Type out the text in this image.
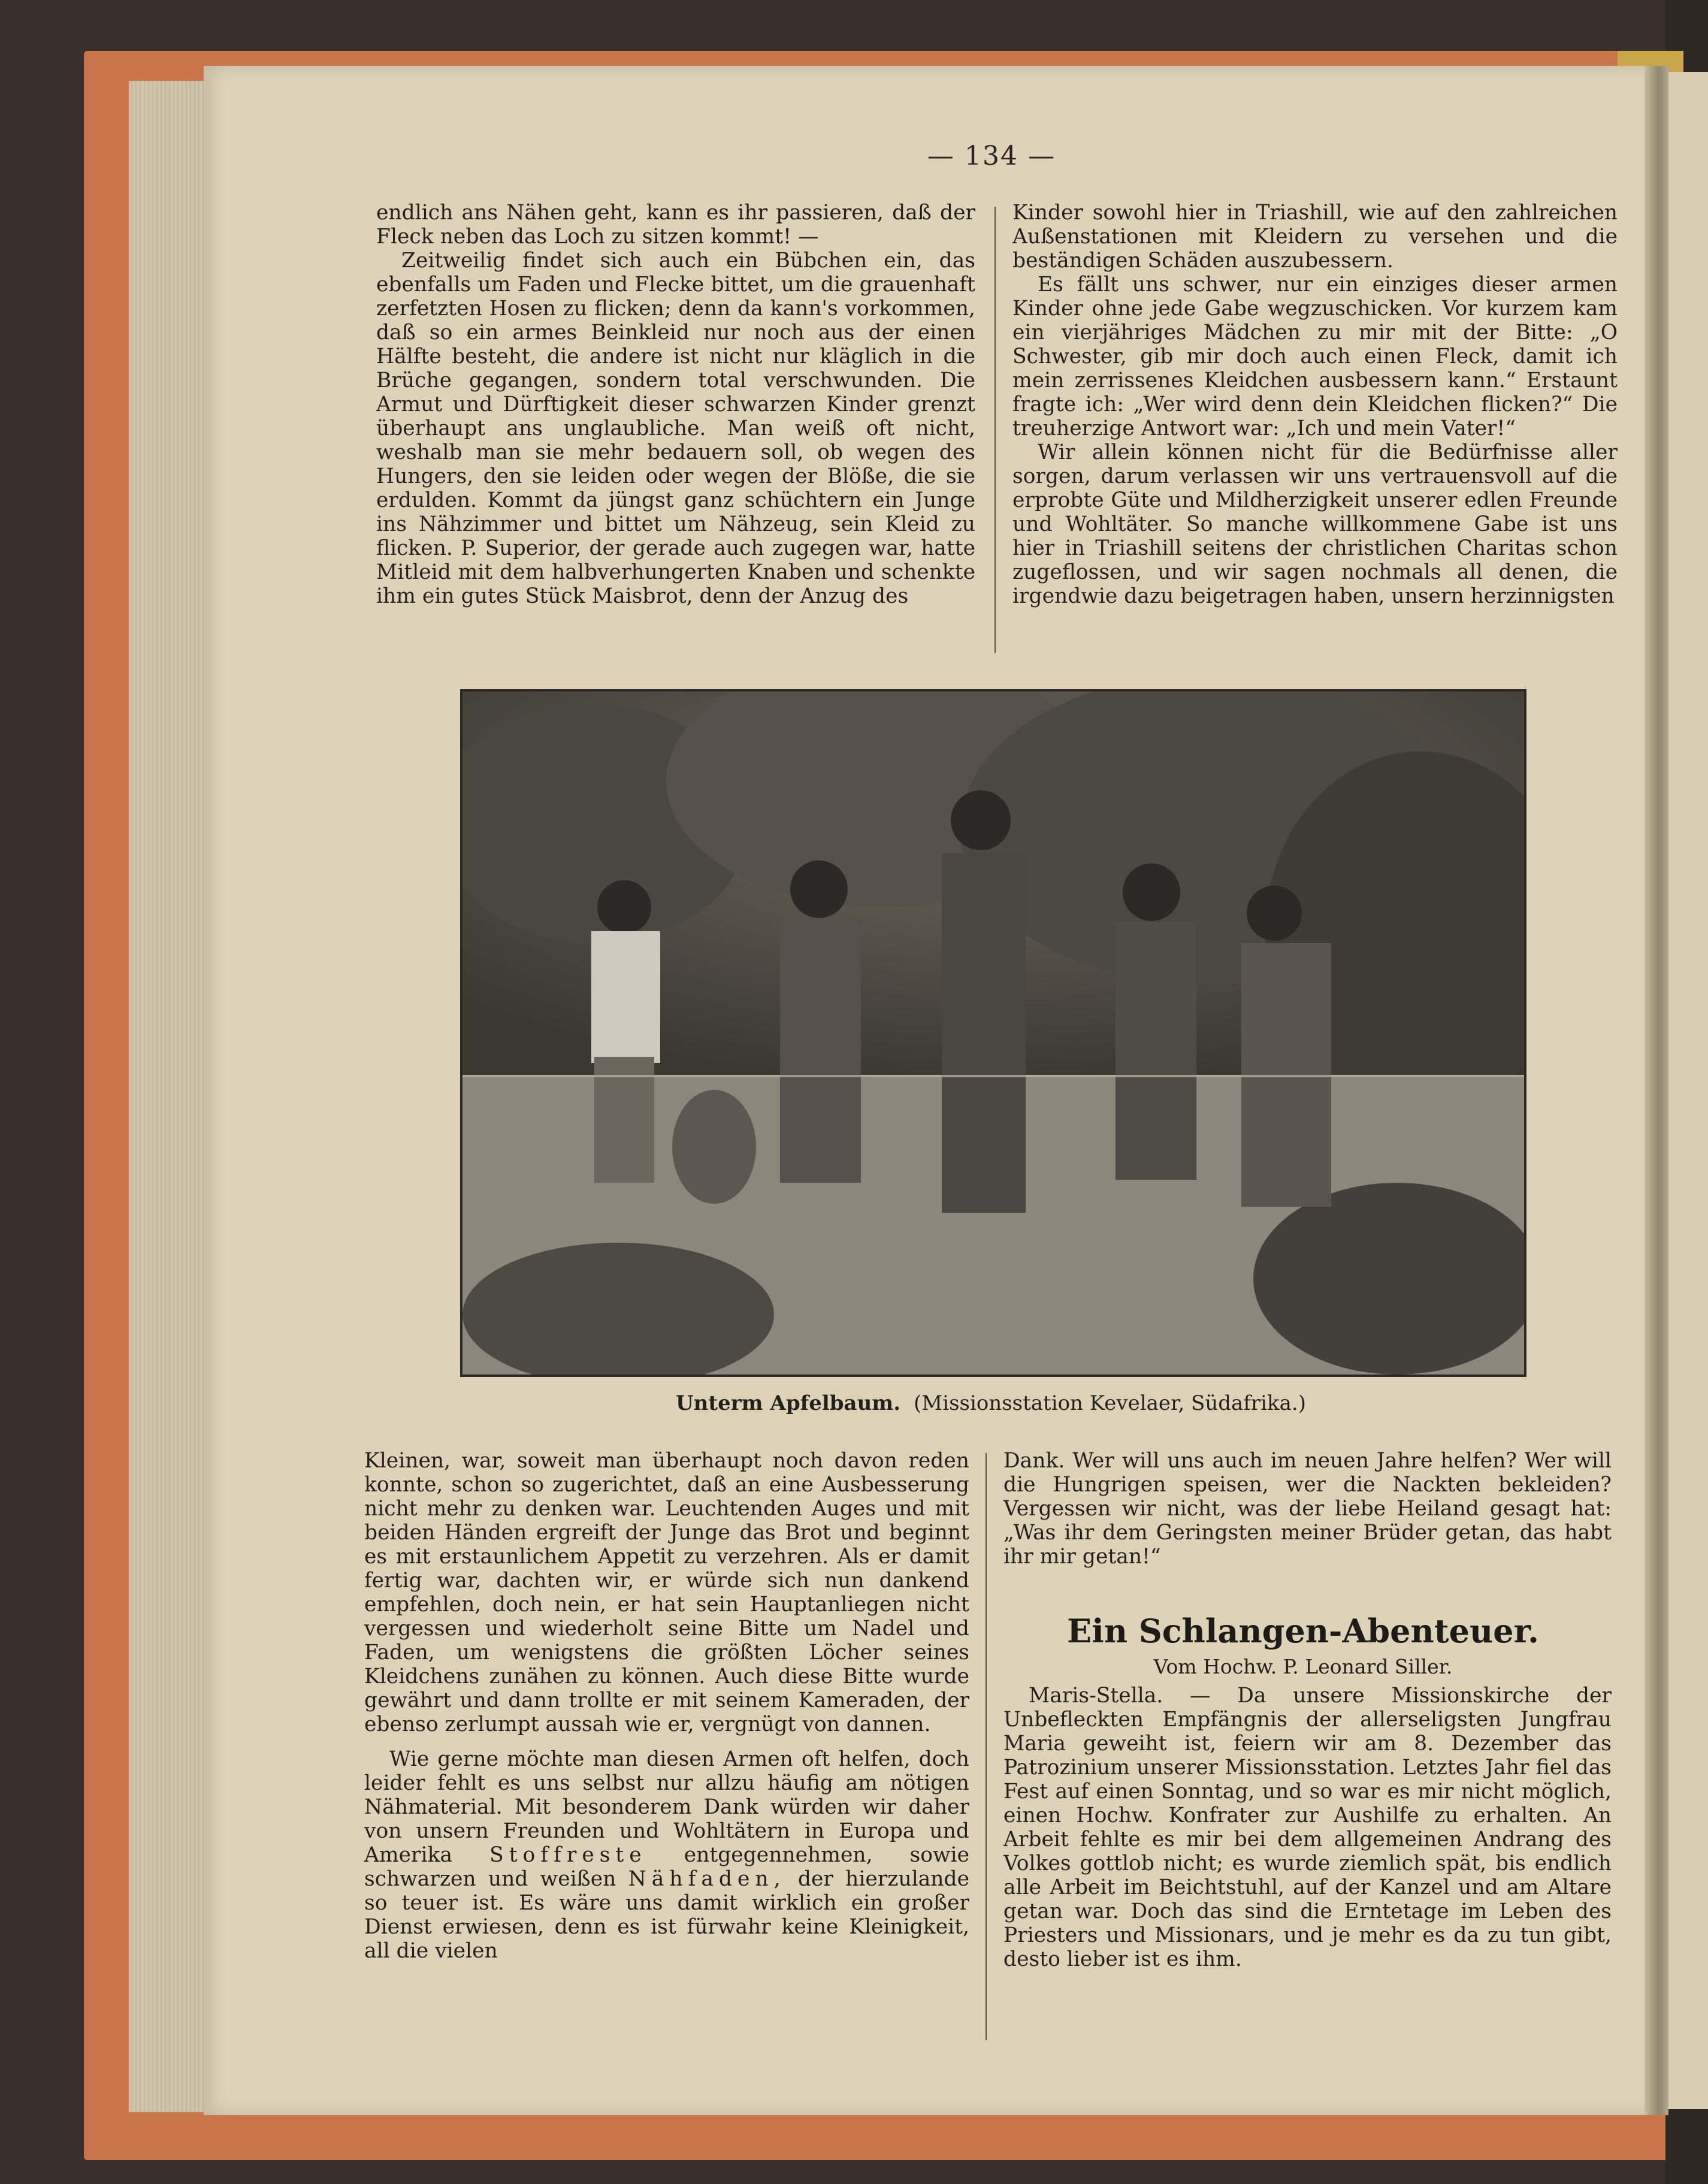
— 134 —

endlich ans Nähen geht, kann es ihr passieren, daß der Fleck neben das Loch zu sitzen kommt! —

Zeitweilig findet sich auch ein Bübchen ein, das ebenfalls um Faden und Flecke bittet, um die grauenhaft zerfetzten Hosen zu flicken; denn da kann's vorkommen, daß so ein armes Beinkleid nur noch aus der einen Hälfte besteht, die andere ist nicht nur kläglich in die Brüche gegangen, sondern total verschwunden. Die Armut und Dürftigkeit dieser schwarzen Kinder grenzt überhaupt ans unglaubliche. Man weiß oft nicht, weshalb man sie mehr bedauern soll, ob wegen des Hungers, den sie leiden oder wegen der Blöße, die sie erdulden. Kommt da jüngst ganz schüchtern ein Junge ins Nähzimmer und bittet um Nähzeug, sein Kleid zu flicken. P. Superior, der gerade auch zugegen war, hatte Mitleid mit dem halbverhungerten Knaben und schenkte ihm ein gutes Stück Maisbrot, denn der Anzug des

Kinder sowohl hier in Triashill, wie auf den zahlreichen Außenstationen mit Kleidern zu versehen und die beständigen Schäden auszubessern.

Es fällt uns schwer, nur ein einziges dieser armen Kinder ohne jede Gabe wegzuschicken. Vor kurzem kam ein vierjähriges Mädchen zu mir mit der Bitte: „O Schwester, gib mir doch auch einen Fleck, damit ich mein zerrissenes Kleidchen ausbessern kann.“ Erstaunt fragte ich: „Wer wird denn dein Kleidchen flicken?“ Die treuherzige Antwort war: „Ich und mein Vater!“

Wir allein können nicht für die Bedürfnisse aller sorgen, darum verlassen wir uns vertrauensvoll auf die erprobte Güte und Mildherzigkeit unserer edlen Freunde und Wohltäter. So manche willkommene Gabe ist uns hier in Triashill seitens der christlichen Charitas schon zugeflossen, und wir sagen nochmals all denen, die irgendwie dazu beigetragen haben, unsern herzinnigsten

Unterm Apfelbaum. (Missionsstation Kevelaer, Südafrika.)

Kleinen, war, soweit man überhaupt noch davon reden konnte, schon so zugerichtet, daß an eine Ausbesserung nicht mehr zu denken war. Leuchtenden Auges und mit beiden Händen ergreift der Junge das Brot und beginnt es mit erstaunlichem Appetit zu verzehren. Als er damit fertig war, dachten wir, er würde sich nun dankend empfehlen, doch nein, er hat sein Hauptanliegen nicht vergessen und wiederholt seine Bitte um Nadel und Faden, um wenigstens die größten Löcher seines Kleidchens zunähen zu können. Auch diese Bitte wurde gewährt und dann trollte er mit seinem Kameraden, der ebenso zerlumpt aussah wie er, vergnügt von dannen.

Wie gerne möchte man diesen Armen oft helfen, doch leider fehlt es uns selbst nur allzu häufig am nötigen Nähmaterial. Mit besonderem Dank würden wir daher von unsern Freunden und Wohltätern in Europa und Amerika Stoffreste entgegennehmen, sowie schwarzen und weißen Nähfaden, der hierzulande so teuer ist. Es wäre uns damit wirklich ein großer Dienst erwiesen, denn es ist fürwahr keine Kleinigkeit, all die vielen

Dank. Wer will uns auch im neuen Jahre helfen? Wer will die Hungrigen speisen, wer die Nackten bekleiden? Vergessen wir nicht, was der liebe Heiland gesagt hat: „Was ihr dem Geringsten meiner Brüder getan, das habt ihr mir getan!“

Ein Schlangen-Abenteuer.
Vom Hochw. P. Leonard Siller.

Maris-Stella. — Da unsere Missionskirche der Unbefleckten Empfängnis der allerseligsten Jungfrau Maria geweiht ist, feiern wir am 8. Dezember das Patrozinium unserer Missionsstation. Letztes Jahr fiel das Fest auf einen Sonntag, und so war es mir nicht möglich, einen Hochw. Konfrater zur Aushilfe zu erhalten. An Arbeit fehlte es mir bei dem allgemeinen Andrang des Volkes gottlob nicht; es wurde ziemlich spät, bis endlich alle Arbeit im Beichtstuhl, auf der Kanzel und am Altare getan war. Doch das sind die Erntetage im Leben des Priesters und Missionars, und je mehr es da zu tun gibt, desto lieber ist es ihm.
